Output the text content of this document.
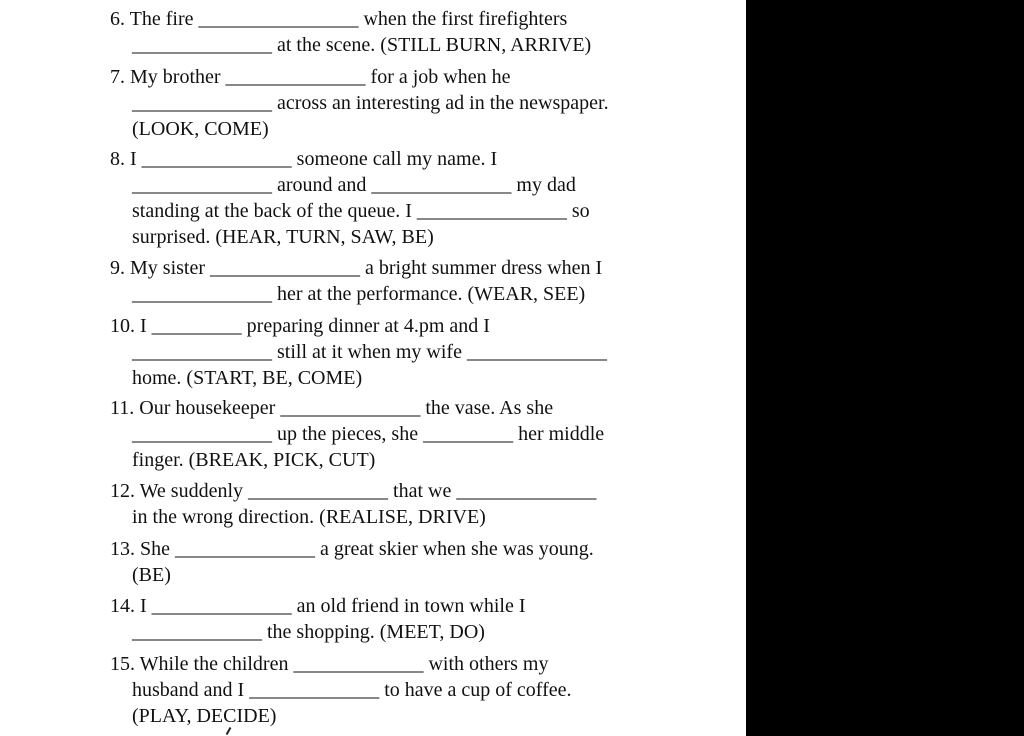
6. The fire ________________ when the first firefighters
______________ at the scene. (STILL BURN, ARRIVE)
7. My brother ______________ for a job when he
______________ across an interesting ad in the newspaper.
(LOOK, COME)
8. I _______________ someone call my name. I
______________ around and ______________ my dad
standing at the back of the queue. I _______________ so
surprised. (HEAR, TURN, SAW, BE)
9. My sister _______________ a bright summer dress when I
______________ her at the performance. (WEAR, SEE)
10. I _________ preparing dinner at 4.pm and I
______________ still at it when my wife ______________
home. (START, BE, COME)
11. Our housekeeper ______________ the vase. As she
______________ up the pieces, she _________ her middle
finger. (BREAK, PICK, CUT)
12. We suddenly ______________ that we ______________
in the wrong direction. (REALISE, DRIVE)
13. She ______________ a great skier when she was young.
(BE)
14. I ______________ an old friend in town while I
_____________ the shopping. (MEET, DO)
15. While the children _____________ with others my
husband and I _____________ to have a cup of coffee.
(PLAY, DECIDE)
